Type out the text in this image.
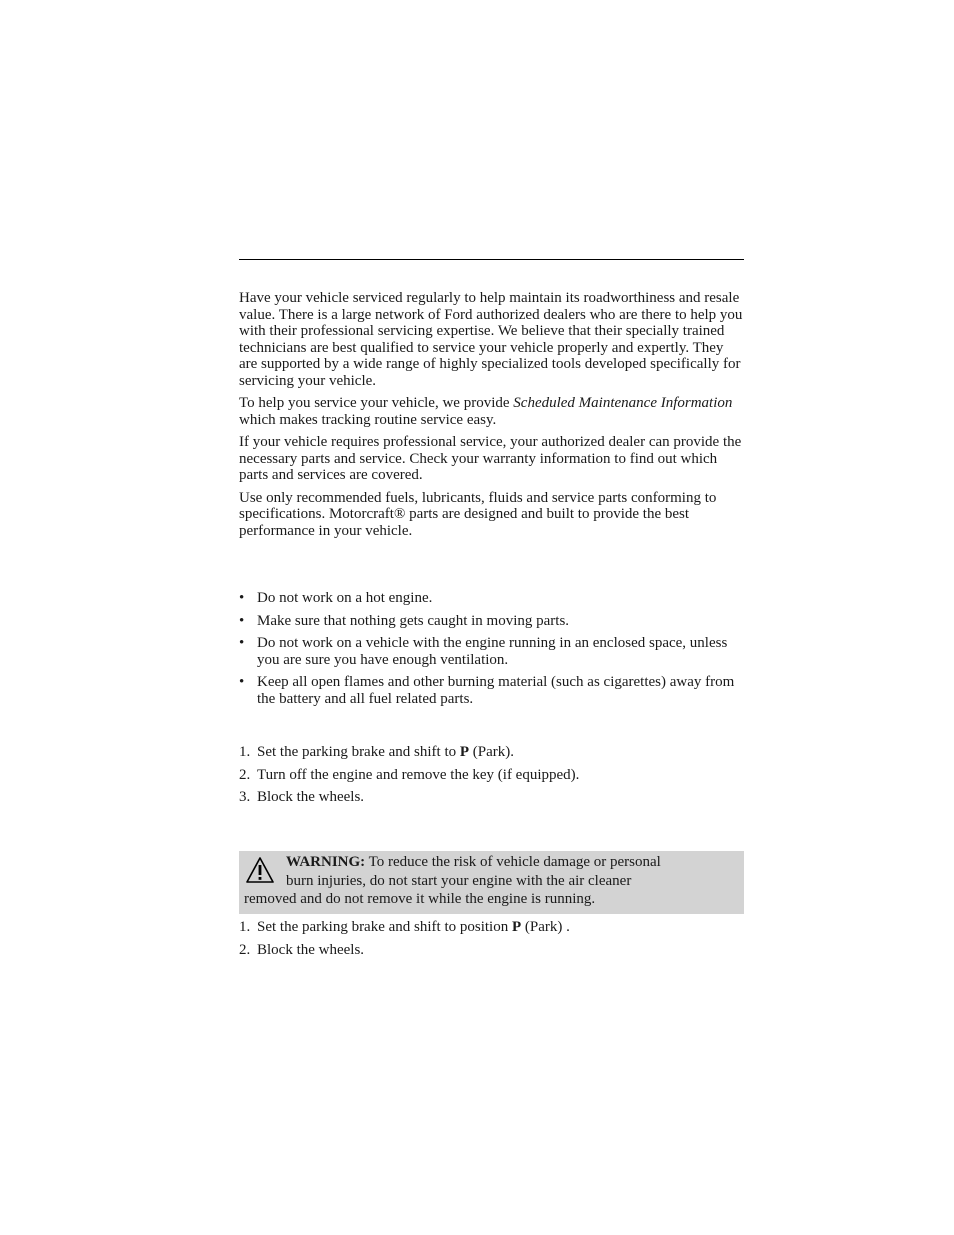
Have your vehicle serviced regularly to help maintain its roadworthiness and resale value. There is a large network of Ford authorized dealers who are there to help you with their professional servicing expertise. We believe that their specially trained technicians are best qualified to service your vehicle properly and expertly. They are supported by a wide range of highly specialized tools developed specifically for servicing your vehicle.

To help you service your vehicle, we provide Scheduled Maintenance Information which makes tracking routine service easy.

If your vehicle requires professional service, your authorized dealer can provide the necessary parts and service. Check your warranty information to find out which parts and services are covered.

Use only recommended fuels, lubricants, fluids and service parts conforming to specifications. Motorcraft® parts are designed and built to provide the best performance in your vehicle.

• Do not work on a hot engine.
• Make sure that nothing gets caught in moving parts.
• Do not work on a vehicle with the engine running in an enclosed space, unless you are sure you have enough ventilation.
• Keep all open flames and other burning material (such as cigarettes) away from the battery and all fuel related parts.
1. Set the parking brake and shift to P (Park).
2. Turn off the engine and remove the key (if equipped).
3. Block the wheels.
WARNING: To reduce the risk of vehicle damage or personal
burn injuries, do not start your engine with the air cleaner
removed and do not remove it while the engine is running.
1. Set the parking brake and shift to position P (Park) .
2. Block the wheels.
